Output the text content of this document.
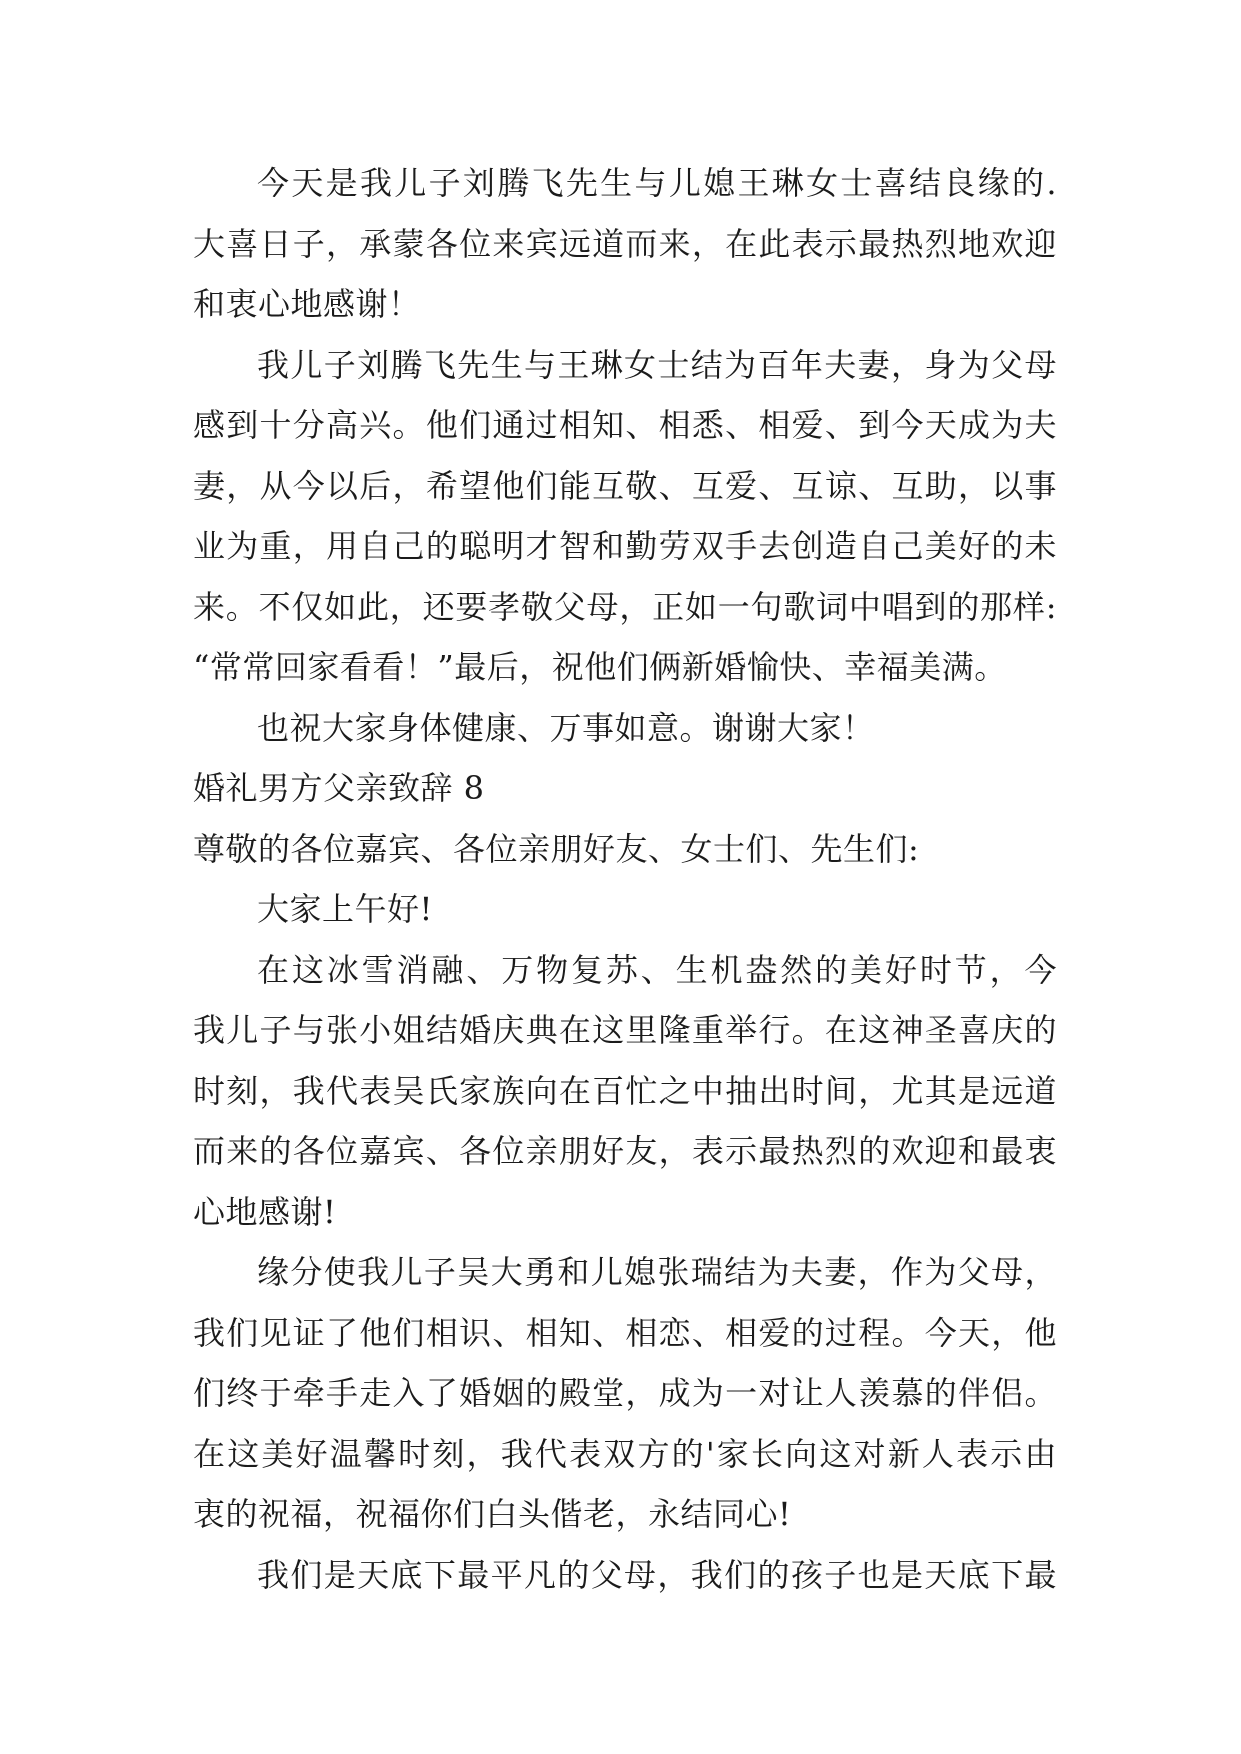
今天是我儿子刘腾飞先生与儿媳王琳女士喜结良缘的.
大喜日子，承蒙各位来宾远道而来，在此表示最热烈地欢迎
和衷心地感谢！
我儿子刘腾飞先生与王琳女士结为百年夫妻，身为父母
感到十分高兴。他们通过相知、相悉、相爱、到今天成为夫
妻，从今以后，希望他们能互敬、互爱、互谅、互助，以事
业为重，用自己的聪明才智和勤劳双手去创造自己美好的未
来。不仅如此，还要孝敬父母，正如一句歌词中唱到的那样:
“常常回家看看！”最后，祝他们俩新婚愉快、幸福美满。
也祝大家身体健康、万事如意。谢谢大家！
婚礼男方父亲致辞 8
尊敬的各位嘉宾、各位亲朋好友、女士们、先生们:
大家上午好!
在这冰雪消融、万物复苏、生机盎然的美好时节，今
我儿子与张小姐结婚庆典在这里隆重举行。在这神圣喜庆的
时刻，我代表吴氏家族向在百忙之中抽出时间，尤其是远道
而来的各位嘉宾、各位亲朋好友，表示最热烈的欢迎和最衷
心地感谢!
缘分使我儿子吴大勇和儿媳张瑞结为夫妻，作为父母，
我们见证了他们相识、相知、相恋、相爱的过程。今天，他
们终于牵手走入了婚姻的殿堂，成为一对让人羡慕的伴侣。
在这美好温馨时刻，我代表双方的'家长向这对新人表示由
衷的祝福，祝福你们白头偕老，永结同心!
我们是天底下最平凡的父母，我们的孩子也是天底下最
